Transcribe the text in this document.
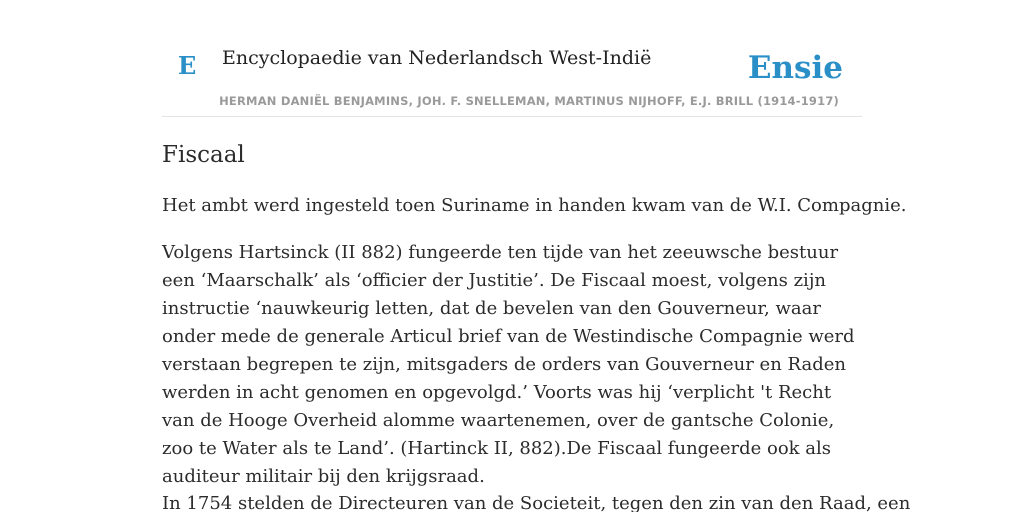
E Encyclopaedie van Nederlandsch West-Indië	Ensie
HERMAN DANIËL BENJAMINS, JOH. F. SNELLEMAN, MARTINUS NIJHOFF, E.J. BRILL (1914-1917)
Fiscaal

Het ambt werd ingesteld toen Suriname in handen kwam van de W.I. Compagnie.

Volgens Hartsinck (II 882) fungeerde ten tijde van het zeeuwsche bestuur een ‘Maarschalk’ als ‘officier der Justitie’. De Fiscaal moest, volgens zijn instructie ‘nauwkeurig letten, dat de bevelen van den Gouverneur, waar onder mede de generale Articul brief van de Westindische Compagnie werd verstaan begrepen te zijn, mitsgaders de orders van Gouverneur en Raden werden in acht genomen en opgevolgd.’ Voorts was hij ‘verplicht 't Recht van de Hooge Overheid alomme waartenemen, over de gantsche Colonie, zoo te Water als te Land’. (Hartinck II, 882).De Fiscaal fungeerde ook als auditeur militair bij den krijgsraad.

In 1754 stelden de Directeuren van de Societeit, tegen den zin van den Raad, een
